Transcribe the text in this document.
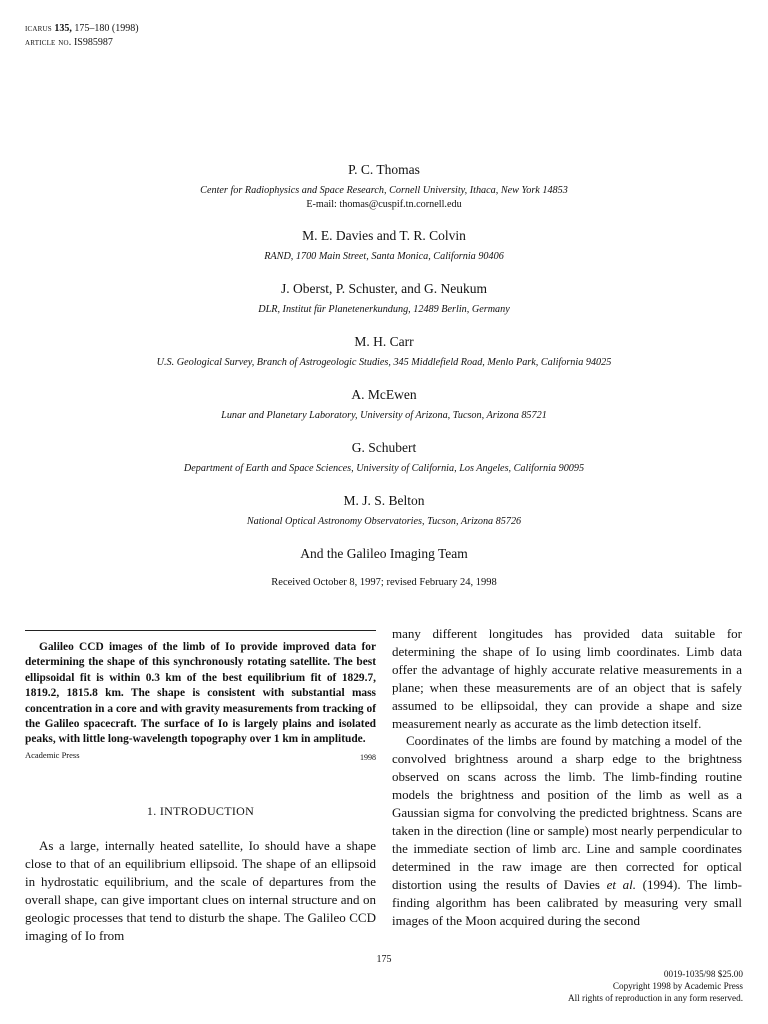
icarus 135, 175–180 (1998)
article no. IS985987
P. C. Thomas
Center for Radiophysics and Space Research, Cornell University, Ithaca, New York 14853
E-mail: thomas@cuspif.tn.cornell.edu
M. E. Davies and T. R. Colvin
RAND, 1700 Main Street, Santa Monica, California 90406
J. Oberst, P. Schuster, and G. Neukum
DLR, Institut für Planetenerkundung, 12489 Berlin, Germany
M. H. Carr
U.S. Geological Survey, Branch of Astrogeologic Studies, 345 Middlefield Road, Menlo Park, California 94025
A. McEwen
Lunar and Planetary Laboratory, University of Arizona, Tucson, Arizona 85721
G. Schubert
Department of Earth and Space Sciences, University of California, Los Angeles, California 90095
M. J. S. Belton
National Optical Astronomy Observatories, Tucson, Arizona 85726
And the Galileo Imaging Team
Received October 8, 1997; revised February 24, 1998
Galileo CCD images of the limb of Io provide improved data for determining the shape of this synchronously rotating satellite. The best ellipsoidal fit is within 0.3 km of the best equilibrium fit of 1829.7, 1819.2, 1815.8 km. The shape is consistent with substantial mass concentration in a core and with gravity measurements from tracking of the Galileo spacecraft. The surface of Io is largely plains and isolated peaks, with little long-wavelength topography over 1 km in amplitude.
1998
Academic Press
1. INTRODUCTION
As a large, internally heated satellite, Io should have a shape close to that of an equilibrium ellipsoid. The shape of an ellipsoid in hydrostatic equilibrium, and the scale of departures from the overall shape, can give important clues on internal structure and on geologic processes that tend to disturb the shape. The Galileo CCD imaging of Io from

many different longitudes has provided data suitable for determining the shape of Io using limb coordinates. Limb data offer the advantage of highly accurate relative measurements in a plane; when these measurements are of an object that is safely assumed to be ellipsoidal, they can provide a shape and size measurement nearly as accurate as the limb detection itself.

Coordinates of the limbs are found by matching a model of the convolved brightness around a sharp edge to the brightness observed on scans across the limb. The limb-finding routine models the brightness and position of the limb as well as a Gaussian sigma for convolving the predicted brightness. Scans are taken in the direction (line or sample) most nearly perpendicular to the immediate section of limb arc. Line and sample coordinates determined in the raw image are then corrected for optical distortion using the results of Davies et al. (1994). The limb-finding algorithm has been calibrated by measuring very small images of the Moon acquired during the second

175
0019-1035/98 $25.00
Copyright 1998 by Academic Press
All rights of reproduction in any form reserved.
